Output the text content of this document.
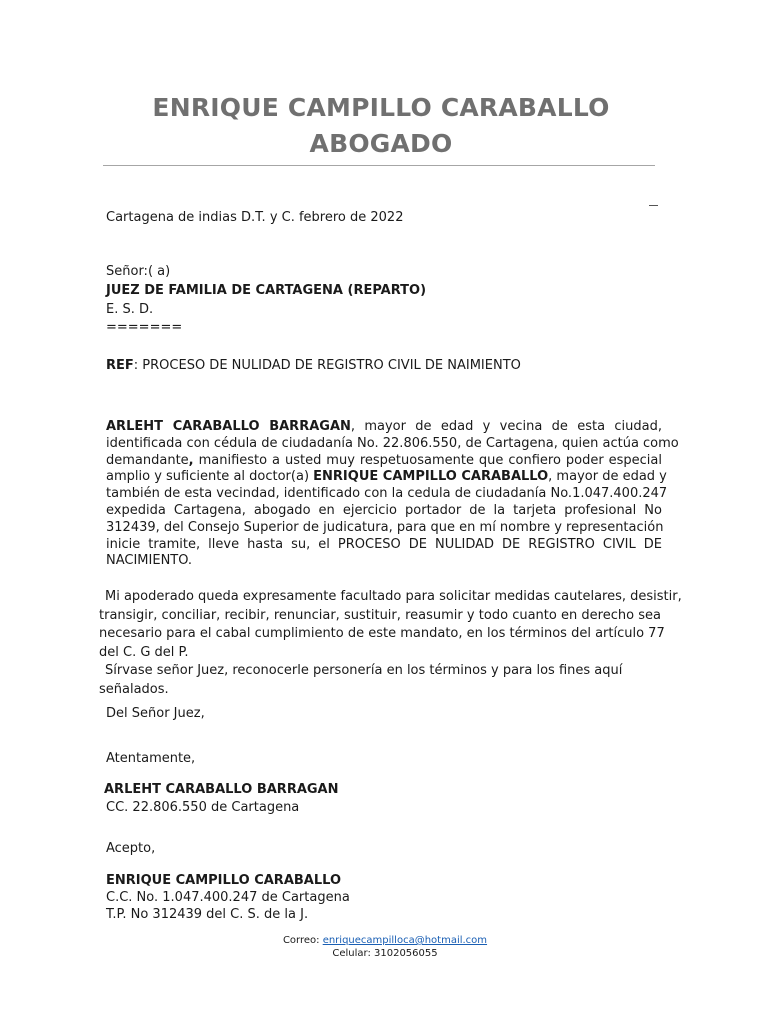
ENRIQUE CAMPILLO CARABALLO
ABOGADO
Cartagena de indias D.T. y C. febrero de 2022
Señor:( a)
JUEZ DE FAMILIA DE CARTAGENA (REPARTO)
E. S. D.
=======
REF: PROCESO DE NULIDAD DE REGISTRO CIVIL DE NAIMIENTO
ARLEHT CARABALLO BARRAGAN, mayor de edad y vecina de esta ciudad,
identificada con cédula de ciudadanía No. 22.806.550, de Cartagena, quien actúa como
demandante, manifiesto a usted muy respetuosamente que confiero poder especial
amplio y suficiente al doctor(a) ENRIQUE CAMPILLO CARABALLO, mayor de edad y
también de esta vecindad, identificado con la cedula de ciudadanía No.1.047.400.247
expedida Cartagena, abogado en ejercicio portador de la tarjeta profesional No
312439, del Consejo Superior de judicatura, para que en mí nombre y representación
inicie tramite, lleve hasta su, el PROCESO DE NULIDAD DE REGISTRO CIVIL DE
NACIMIENTO.
Mi apoderado queda expresamente facultado para solicitar medidas cautelares, desistir,
transigir, conciliar, recibir, renunciar, sustituir, reasumir y todo cuanto en derecho sea
necesario para el cabal cumplimiento de este mandato, en los términos del artículo 77
del C. G del P.
Sírvase señor Juez, reconocerle personería en los términos y para los fines aquí
señalados.
Del Señor Juez,
Atentamente,
ARLEHT CARABALLO BARRAGAN
CC. 22.806.550 de Cartagena
Acepto,
ENRIQUE CAMPILLO CARABALLO
C.C. No. 1.047.400.247 de Cartagena
T.P. No 312439 del C. S. de la J.
Correo: enriquecampilloca@hotmail.com
Celular: 3102056055
